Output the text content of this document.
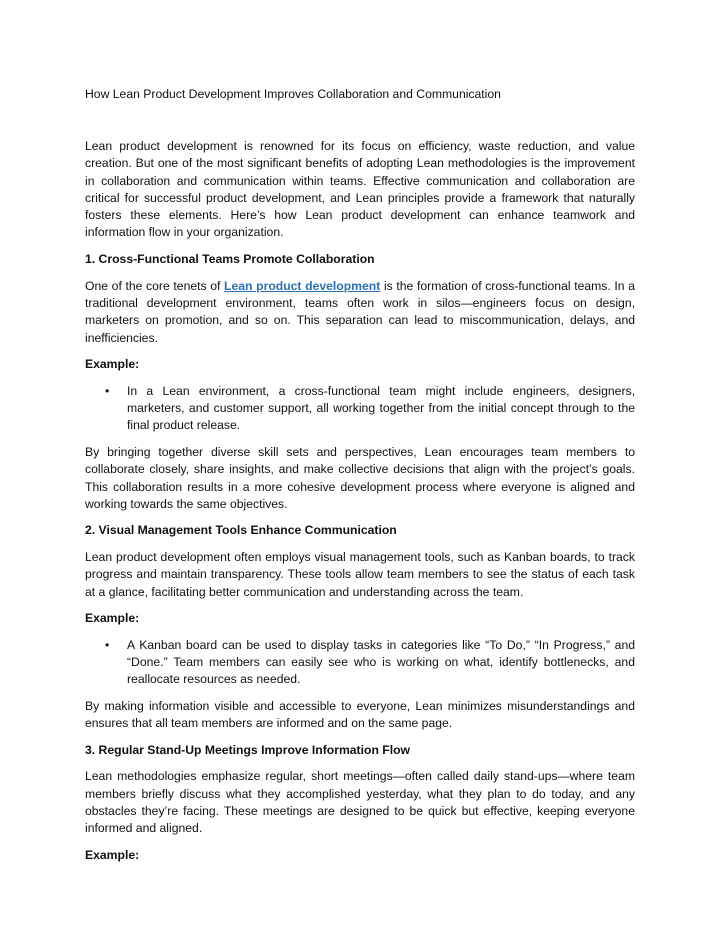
How Lean Product Development Improves Collaboration and Communication

Lean product development is renowned for its focus on efficiency, waste reduction, and value creation. But one of the most significant benefits of adopting Lean methodologies is the improvement in collaboration and communication within teams. Effective communication and collaboration are critical for successful product development, and Lean principles provide a framework that naturally fosters these elements. Here’s how Lean product development can enhance teamwork and information flow in your organization.

1. Cross-Functional Teams Promote Collaboration

One of the core tenets of Lean product development is the formation of cross-functional teams. In a traditional development environment, teams often work in silos—engineers focus on design, marketers on promotion, and so on. This separation can lead to miscommunication, delays, and inefficiencies.

Example:

• In a Lean environment, a cross-functional team might include engineers, designers, marketers, and customer support, all working together from the initial concept through to the final product release.

By bringing together diverse skill sets and perspectives, Lean encourages team members to collaborate closely, share insights, and make collective decisions that align with the project’s goals. This collaboration results in a more cohesive development process where everyone is aligned and working towards the same objectives.

2. Visual Management Tools Enhance Communication

Lean product development often employs visual management tools, such as Kanban boards, to track progress and maintain transparency. These tools allow team members to see the status of each task at a glance, facilitating better communication and understanding across the team.

Example:

• A Kanban board can be used to display tasks in categories like “To Do,” “In Progress,” and “Done.” Team members can easily see who is working on what, identify bottlenecks, and reallocate resources as needed.

By making information visible and accessible to everyone, Lean minimizes misunderstandings and ensures that all team members are informed and on the same page.

3. Regular Stand-Up Meetings Improve Information Flow

Lean methodologies emphasize regular, short meetings—often called daily stand-ups—where team members briefly discuss what they accomplished yesterday, what they plan to do today, and any obstacles they’re facing. These meetings are designed to be quick but effective, keeping everyone informed and aligned.

Example:
